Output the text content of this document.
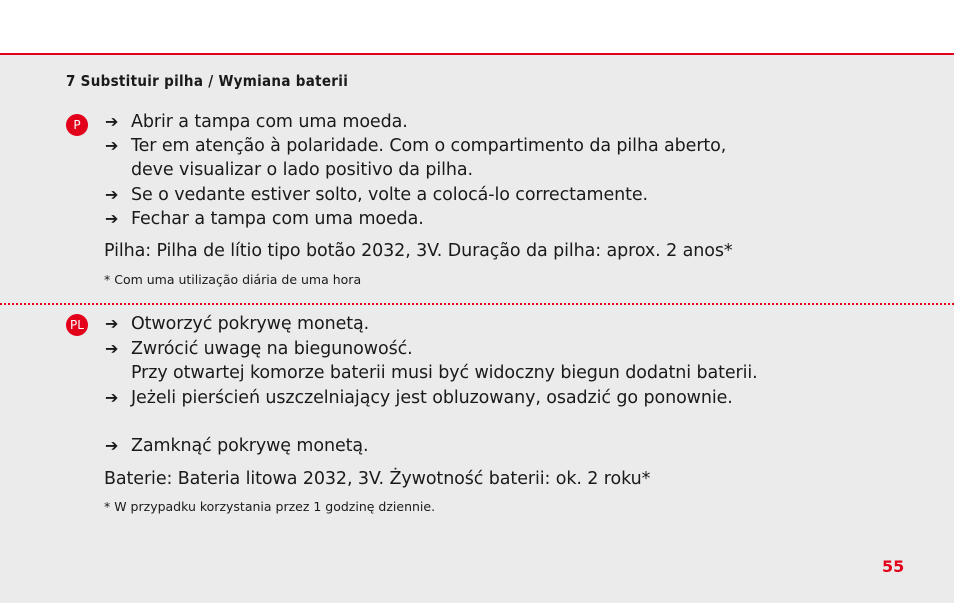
7 Substituir pilha / Wymiana baterii
P	➔ Abrir a tampa com uma moeda.
➔ Ter em atenção à polaridade. Com o compartimento da pilha aberto,
deve visualizar o lado positivo da pilha.
➔ Se o vedante estiver solto, volte a colocá-lo correctamente.
➔ Fechar a tampa com uma moeda.
Pilha: Pilha de lítio tipo botão 2032, 3V. Duração da pilha: aprox. 2 anos*
* Com uma utilização diária de uma hora
PL ➔ Otworzyć pokrywę monetą.
➔ Zwrócić uwagę na biegunowość.
Przy otwartej komorze baterii musi być widoczny biegun dodatni baterii.
➔ Jeżeli pierścień uszczelniający jest obluzowany, osadzić go ponownie.
➔ Zamknąć pokrywę monetą.
Baterie: Bateria litowa 2032, 3V. Żywotność baterii: ok. 2 roku*
* W przypadku korzystania przez 1 godzinę dziennie.
55
